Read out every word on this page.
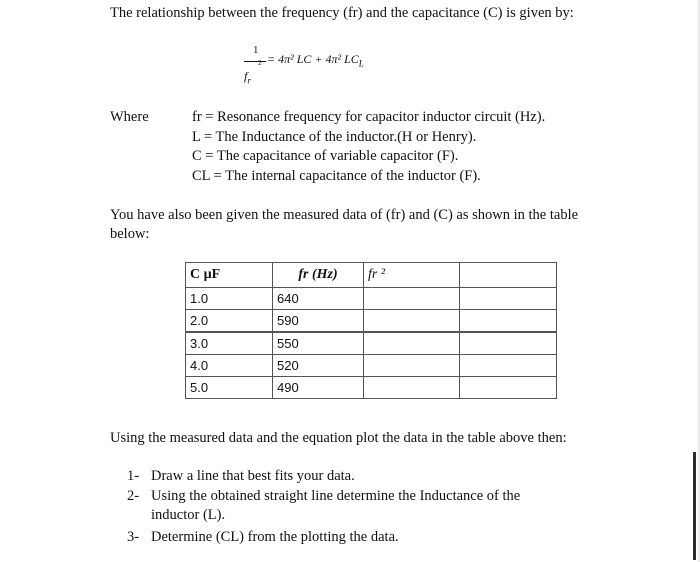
The relationship between the frequency (fr) and the capacitance (C) is given by:
1
2
$f_r$
= 4π² LC + 4π² $LC_L$
Where	fr = Resonance frequency for capacitor inductor circuit (Hz).
L = The Inductance of the inductor.(H or Henry).
C = The capacitance of variable capacitor (F).
CL = The internal capacitance of the inductor (F).
You have also been given the measured data of (fr) and (C) as shown in the table below:
C µF	fr (Hz)	fr ²	
1.0	640		
2.0	590		
3.0	550		
4.0	520		
5.0	490		
Using the measured data and the equation plot the data in the table above then:
1- Draw a line that best fits your data.
2- Using the obtained straight line determine the Inductance of the inductor (L).
3- Determine (CL) from the plotting the data.
